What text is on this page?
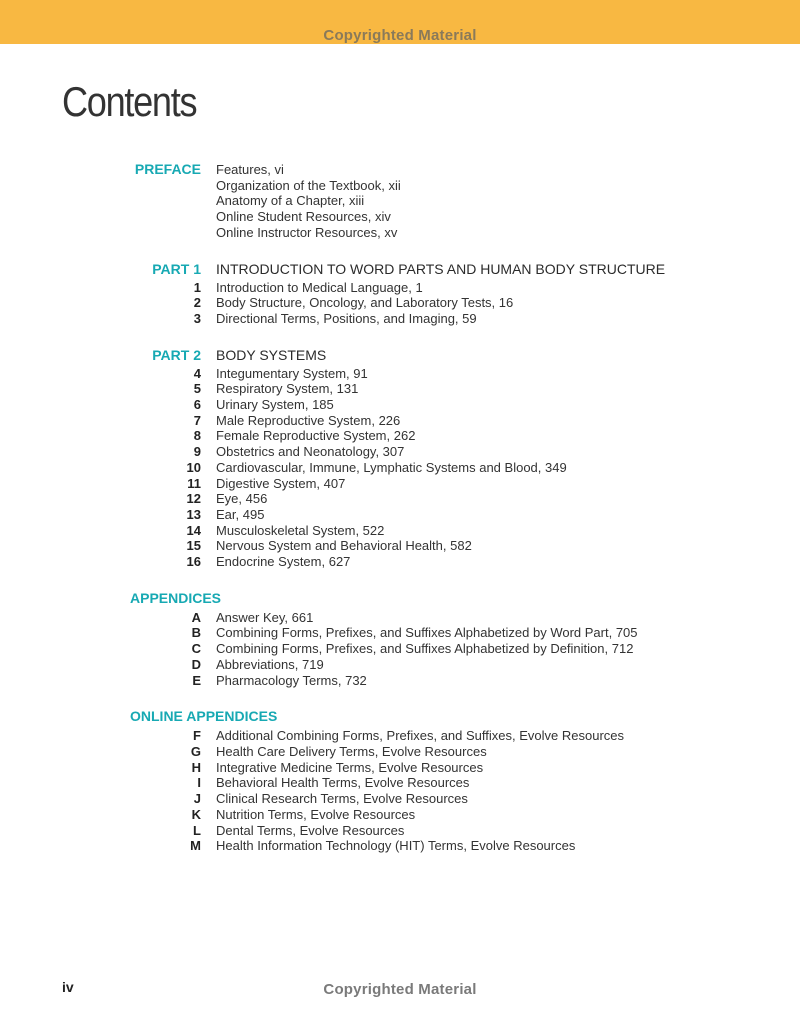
Copyrighted Material
Contents
PREFACE	Features, vi
Organization of the Textbook, xii
Anatomy of a Chapter, xiii
Online Student Resources, xiv
Online Instructor Resources, xv
PART 1	INTRODUCTION TO WORD PARTS AND HUMAN BODY STRUCTURE
1	Introduction to Medical Language, 1
2	Body Structure, Oncology, and Laboratory Tests, 16
3	Directional Terms, Positions, and Imaging, 59
PART 2	BODY SYSTEMS
4	Integumentary System, 91
5	Respiratory System, 131
6	Urinary System, 185
7	Male Reproductive System, 226
8	Female Reproductive System, 262
9	Obstetrics and Neonatology, 307
10	Cardiovascular, Immune, Lymphatic Systems and Blood, 349
11	Digestive System, 407
12	Eye, 456
13	Ear, 495
14	Musculoskeletal System, 522
15	Nervous System and Behavioral Health, 582
16	Endocrine System, 627
APPENDICES
A	Answer Key, 661
B	Combining Forms, Prefixes, and Suffixes Alphabetized by Word Part, 705
C	Combining Forms, Prefixes, and Suffixes Alphabetized by Definition, 712
D	Abbreviations, 719
E	Pharmacology Terms, 732
ONLINE APPENDICES
F	Additional Combining Forms, Prefixes, and Suffixes, Evolve Resources
G	Health Care Delivery Terms, Evolve Resources
H	Integrative Medicine Terms, Evolve Resources
I	Behavioral Health Terms, Evolve Resources
J	Clinical Research Terms, Evolve Resources
K	Nutrition Terms, Evolve Resources
L	Dental Terms, Evolve Resources
M	Health Information Technology (HIT) Terms, Evolve Resources
iv	Copyrighted Material
